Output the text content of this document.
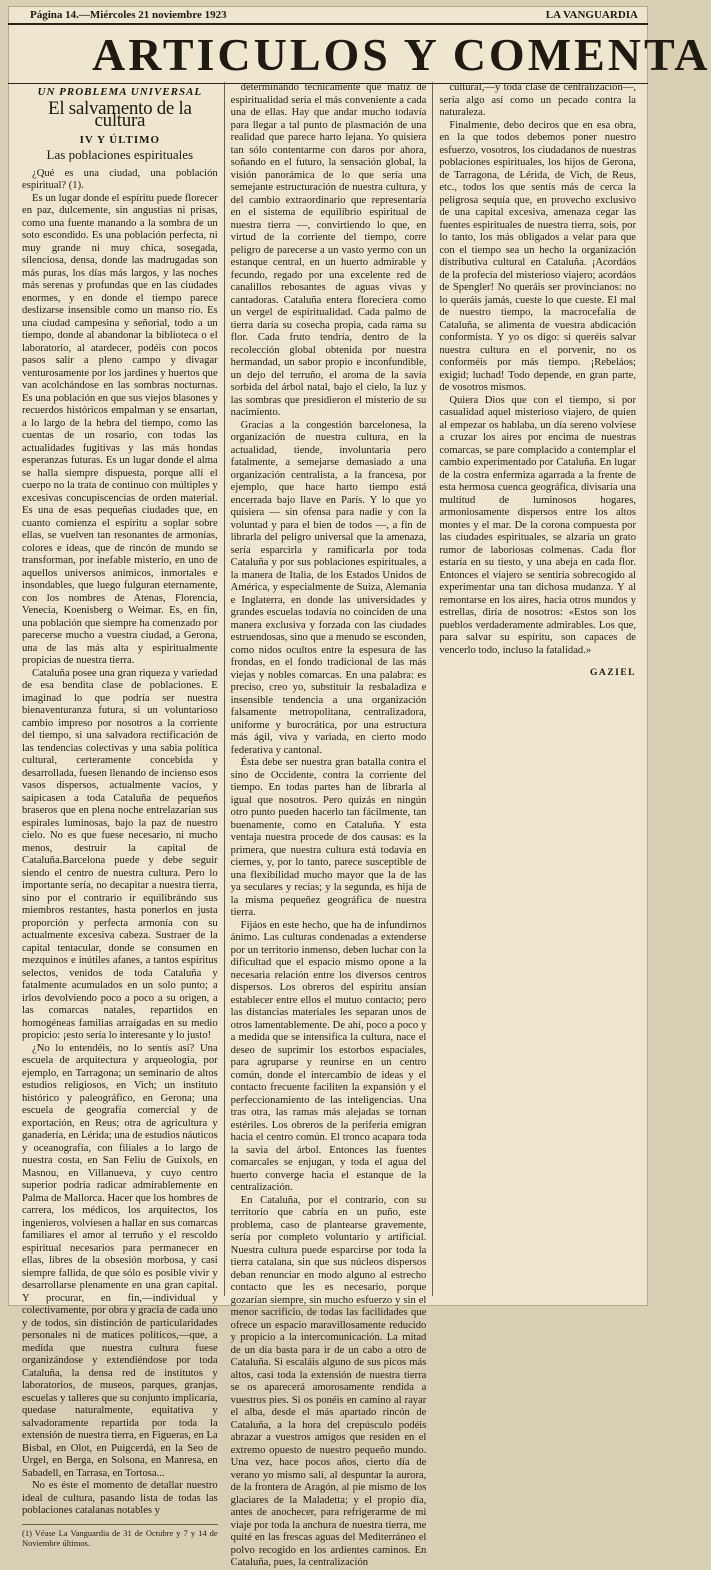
Página 14.—Miércoles 21 noviembre 1923	LA VANGUARDIA
ARTICULOS Y COMENTA
UN PROBLEMA UNIVERSAL
El salvamento de la cultura
IV Y ÚLTIMO
Las poblaciones espirituales

¿Qué es una ciudad, una población espiritual? (1).

Es un lugar donde el espíritu puede florecer en paz, dulcemente, sin angustias ni prisas, como una fuente manando a la sombra de un soto escondido. Es una población perfecta, ni muy grande ni muy chica, sosegada, silenciosa, densa, donde las madrugadas son más puras, los días más largos, y las noches más serenas y profundas que en las ciudades enormes, y en donde el tiempo parece deslizarse insensible como un manso río. Es una ciudad campesina y señorial, todo a un tiempo, donde al abandonar la biblioteca o el laboratorio, al atardecer, podéis con pocos pasos salir a pleno campo y divagar venturosamente por los jardines y huertos que van acolchándose en las sombras nocturnas. Es una población en que sus viejos blasones y recuerdos históricos empalman y se ensartan, a lo largo de la hebra del tiempo, como las cuentas de un rosario, con todas las actualidades fugitivas y las más hondas esperanzas futuras. Es un lugar donde el alma se halla siempre dispuesta, porque allí el cuerpo no la trata de continuo con múltiples y excesivas concupiscencias de orden material. Es una de esas pequeñas ciudades que, en cuanto comienza el espíritu a soplar sobre ellas, se vuelven tan resonantes de armonías, colores e ideas, que de rincón de mundo se transforman, por inefable misterio, en uno de aquellos universos anímicos, inmortales e insondables, que luego fulguran eternamente, con los nombres de Atenas, Florencia, Venecia, Koenisberg o Weimar. Es, en fin, una población que siempre ha comenzado por parecerse mucho a vuestra ciudad, a Gerona, una de las más alta y espiritualmente propicias de nuestra tierra.

Cataluña posee una gran riqueza y variedad de esa bendita clase de poblaciones. E imaginad lo que podría ser nuestra bienaventuranza futura, si un voluntarioso cambio impreso por nosotros a la corriente del tiempo, si una salvadora rectificación de las tendencias colectivas y una sabia política cultural, certeramente concebida y desarrollada, fuesen llenando de incienso esos vasos dispersos, actualmente vacíos, y saipicasen a toda Cataluña de pequeños braseros que en plena noche entrelazarían sus espirales luminosas, bajo la paz de nuestro cielo. No es que fuese necesario, ni mucho menos, destruir la capital de Cataluña.Barcelona puede y debe seguir siendo el centro de nuestra cultura. Pero lo importante sería, no decapitar a nuestra tierra, sino por el contrario ir equilibrándo sus miembros restantes, hasta ponerlos en justa proporción y perfecta armonía con su actualmente excesiva cabeza. Sustraer de la capital tentacular, donde se consumen en mezquinos e inútiles afanes, a tantos espíritus selectos, venidos de toda Cataluña y fatalmente acumulados en un solo punto; a irlos devolviendo poco a poco a su origen, a las comarcas natales, repartidos en homogéneas familias arraigadas en su medio propicio: ¡esto sería lo interesante y lo justo!

¿No lo entendéis, no lo sentís así? Una escuela de arquitectura y arqueología, por ejemplo, en Tarragona; un seminario de altos estudios religiosos, en Vich; un instituto histórico y paleográfico, en Gerona; una escuela de geografía comercial y de exportación, en Reus; otra de agricultura y ganadería, en Lérida; una de estudios náuticos y oceanografía, con filiales a lo largo de nuestra costa, en San Feliu de Guíxols, en Masnou, en Villanueva, y cuyo centro superior podría radicar admirablemente en Palma de Mallorca. Hacer que los hombres de carrera, los médicos, los arquitectos, los ingenieros, volviesen a hallar en sus comarcas familiares el amor al terruño y el rescoldo espiritual necesarios para permanecer en ellas, libres de la obsesión morbosa, y casi siempre fallida, de que sólo es posible vivir y desarrollarse plenamente en una gran capital. Y procurar, en fin,—individual y colectivamente, por obra y gracia de cada uno y de todos, sin distinción de particularidades personales ni de matices políticos,—que, a medida que nuestra cultura fuese organizándose y extendiéndose por toda Cataluña, la densa red de institutos y laboratorios, de museos, parques, granjas, escuelas y talleres que su conjunto implicaría, quedase naturalmente, equitativa y salvadoramente repartida por toda la extensión de nuestra tierra, en Figueras, en La Bisbal, en Olot, en Puigcerdá, en la Seo de Urgel, en Berga, en Solsona, en Manresa, en Sabadell, en Tarrasa, en Tortosa...

No es éste el momento de detallar nuestro ideal de cultura, pasando lista de todas las poblaciones catalanas notables y

(1) Véase La Vanguardia de 31 de Octubre y 7 y 14 de Noviembre últimos.

determinando técnicamente qué matiz de espiritualidad sería el más conveniente a cada una de ellas. Hay que andar mucho todavía para llegar a tal punto de plasmación de una realidad que parece harto lejana. Yo quisiera tan sólo contentarme con daros por ahora, soñando en el futuro, la sensación global, la visión panorámica de lo que sería una semejante estructuración de nuestra cultura, y del cambio extraordinario que representaría en el sistema de equilibrio espiritual de nuestra tierra —, convirtiendo lo que, en virtud de la corriente del tiempo, corre peligro de parecerse a un vasto yermo con un estanque central, en un huerto admirable y fecundo, regado por una excelente red de canalillos rebosantes de aguas vivas y cantadoras. Cataluña entera floreciera como un vergel de espiritualidad. Cada palmo de tierra daría su cosecha propia, cada rama su flor. Cada fruto tendría, dentro de la recolección global obtenida por nuestra hermandad, un sabor propio e inconfundible, un dejo del terruño, el aroma de la savia sorbida del árbol natal, bajo el cielo, la luz y las sombras que presidieron el misterio de su nacimiento.

Gracias a la congestión barcelonesa, la organización de nuestra cultura, en la actualidad, tiende, involuntaria pero fatalmente, a semejarse demasiado a una organización centralista, a la francesa, por ejemplo, que hace harto tiempo está encerrada bajo llave en París. Y lo que yo quisiera — sin ofensa para nadie y con la voluntad y para el bien de todos —, a fin de librarla del peligro universal que la amenaza, sería esparcirla y ramificarla por toda Cataluña y por sus poblaciones espirituales, a la manera de Italia, de los Estados Unidos de América, y especialmente de Suiza, Alemania e Inglaterra, en donde las universidades y grandes escuelas todavía no coinciden de una manera exclusiva y forzada con las ciudades estruendosas, sino que a menudo se esconden, como nidos ocultos entre la espesura de las frondas, en el fondo tradicional de las más viejas y nobles comarcas. En una palabra: es preciso, creo yo, substituir la resbaladiza e insensible tendencia a una organización falsamente metropolitana, centralizadora, uniforme y burocrática, por una estructura más ágil, viva y variada, en cierto modo federativa y cantonal.

Ésta debe ser nuestra gran batalla contra el sino de Occidente, contra la corriente del tiempo. En todas partes han de librarla al igual que nosotros. Pero quizás en ningún otro punto pueden hacerlo tan fácilmente, tan buenamente, como en Cataluña. Y esta ventaja nuestra procede de dos causas: es la primera, que nuestra cultura está todavía en ciernes, y, por lo tanto, parece susceptible de una flexibilidad mucho mayor que la de las ya seculares y recias; y la segunda, es hija de la misma pequeñez geográfica de nuestra tierra.

Fijáos en este hecho, que ha de infundirnos ánimo. Las culturas condenadas a extenderse por un territorio inmenso, deben luchar con la dificultad que el espacio mismo opone a la necesaria relación entre los diversos centros dispersos. Los obreros del espíritu ansían establecer entre ellos el mutuo contacto; pero las distancias materiales les separan unos de otros lamentablemente. De ahí, poco a poco y a medida que se intensifica la cultura, nace el deseo de suprimir los estorbos espaciales, para agruparse y reunirse en un centro común, donde el intercambio de ideas y el contacto frecuente faciliten la expansión y el perfeccionamiento de las inteligencias. Una tras otra, las ramas más alejadas se tornan estériles. Los obreros de la periferia emigran hacia el centro común. El tronco acapara toda la savia del árbol. Entonces las fuentes comarcales se enjugan, y toda el agua del huerto converge hacia el estanque de la centralización.

En Cataluña, por el contrario, con su territorio que cabría en un puño, este problema, caso de plantearse gravemente, sería por completo voluntario y artificial. Nuestra cultura puede esparcirse por toda la tierra catalana, sin que sus núcleos dispersos deban renunciar en modo alguno al estrecho contacto que les es necesario, porque gozarían siempre, sin mucho esfuerzo y sin el menor sacrificio, de todas las facilidades que ofrece un espacio maravillosamente reducido y propicio a la intercomunicación. La mitad de un día basta para ir de un cabo a otro de Cataluña. Si escaláis alguno de sus picos más altos, casi toda la extensión de nuestra tierra se os aparecerá amorosamente rendida a vuestros pies. Si os ponéis en camino al rayar el alba, desde el más apartado rincón de Cataluña, a la hora del crepúsculo podéis abrazar a vuestros amigos que residen en el extremo opuesto de nuestro pequeño mundo. Una vez, hace pocos años, cierto día de verano yo mismo salí, al despuntar la aurora, de la frontera de Aragón, al pie mismo de los glaciares de la Maladetta; y el propio día, antes de anochecer, para refrigerarme de mi viaje por toda la anchura de nuestra tierra, me quité en las frescas aguas del Mediterráneo el polvo recogido en los ardientes caminos. En Cataluña, pues, la centralización

cultural,—y toda clase de centralización—, sería algo así como un pecado contra la naturaleza.

Finalmente, debo deciros que en esa obra, en la que todos debemos poner nuestro esfuerzo, vosotros, los ciudadanos de nuestras poblaciones espirituales, los hijos de Gerona, de Tarragona, de Lérida, de Vich, de Reus, etc., todos los que sentís más de cerca la peligrosa sequía que, en provecho exclusivo de una capital excesiva, amenaza cegar las fuentes espirituales de nuestra tierra, sois, por lo tanto, los más obligados a velar para que con el tiempo sea un hecho la organización distributiva cultural en Cataluña. ¡Acordáos de la profecía del misterioso viajero; acordáos de Spengler! No queráis ser provincianos: no lo queráis jamás, cueste lo que cueste. El mal de nuestro tiempo, la macrocefalia de Cataluña, se alimenta de vuestra abdicación conformista. Y yo os digo: si queréis salvar nuestra cultura en el porvenir, no os conforméis por más tiempo. ¡Rebeláos; exigid; luchad! Todo depende, en gran parte, de vosotros mismos.

Quiera Dios que con el tiempo, si por casualidad aquel misterioso viajero, de quien al empezar os hablaba, un día sereno volviese a cruzar los aires por encima de nuestras comarcas, se pare complacido a contemplar el cambio experimentado por Cataluña. En lugar de la costra enfermiza agarrada a la frente de esta hermosa cuenca geográfica, divisaría una multitud de luminosos hogares, armoniosamente dispersos entre los altos montes y el mar. De la corona compuesta por las ciudades espirituales, se alzaría un grato rumor de laboriosas colmenas. Cada flor estaría en su tiesto, y una abeja en cada flor. Entonces el viajero se sentiría sobrecogido al experimentar una tan dichosa mudanza. Y al remontarse en los aires, hacia otros mundos y estrellas, diría de nosotros: «Estos son los pueblos verdaderamente admirables. Los que, para salvar su espíritu, son capaces de vencerlo todo, incluso la fatalidad.»

GAZIEL
